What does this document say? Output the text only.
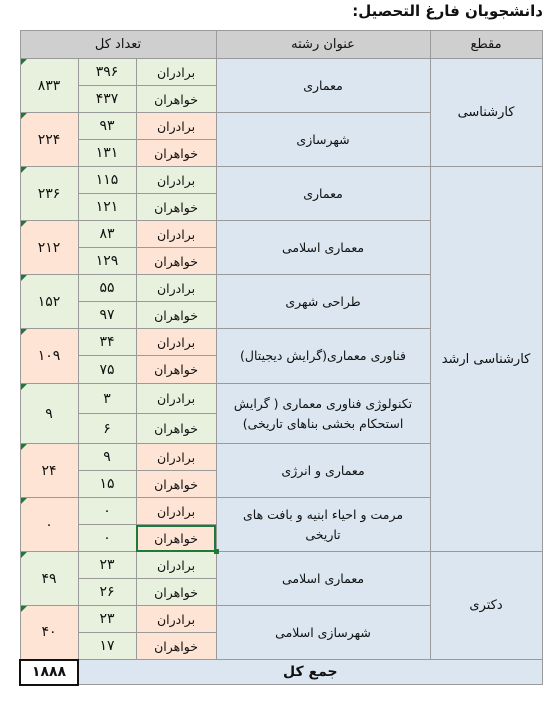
دانشجویان فارغ التحصیل:
مقطع	عنوان رشته	تعداد کل		
کارشناسی	معماری	برادران	۳۹۶	۸۳۳
		خواهران	۴۳۷	
	شهرسازی	برادران	۹۳	۲۲۴
		خواهران	۱۳۱	
کارشناسی ارشد	معماری	برادران	۱۱۵	۲۳۶
		خواهران	۱۲۱	
	معماری اسلامی	برادران	۸۳	۲۱۲
		خواهران	۱۲۹	
	طراحی شهری	برادران	۵۵	۱۵۲
		خواهران	۹۷	
	فناوری معماری(گرایش دیجیتال)	برادران	۳۴	۱۰۹
		خواهران	۷۵	

	تکنولوژی فناوری معماری ( گرایش
استحکام بخشی بناهای تاریخی)	برادران	۳	۹
		خواهران	۶	
	معماری و انرژی	برادران	۹	۲۴
		خواهران	۱۵	

	مرمت و احیاء ابنیه و بافت های
تاریخی	برادران	۰	۰
		خواهران	۰	
دکتری	معماری اسلامی	برادران	۲۳	۴۹
		خواهران	۲۶	
	شهرسازی اسلامی	برادران	۲۳	۴۰
		خواهران	۱۷	
جمع کل				۱۸۸۸
